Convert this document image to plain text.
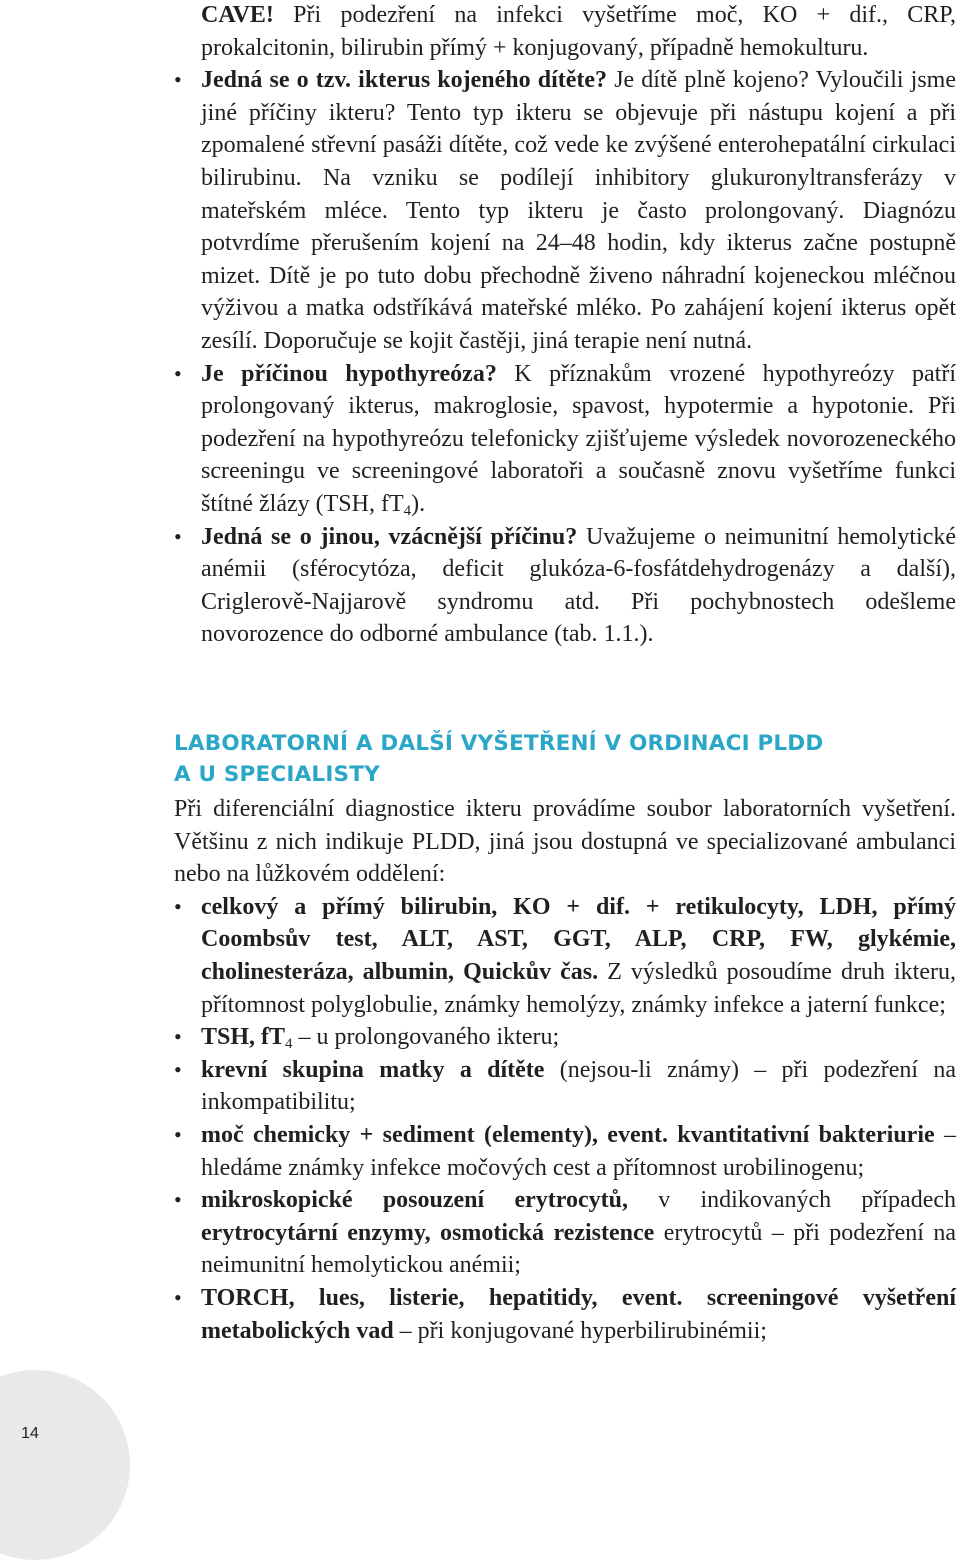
14

CAVE! Při podezření na infekci vyšetříme moč, KO + dif., CRP, prokalcitonin, bilirubin přímý + konjugovaný, případně hemokulturu.

• Jedná se o tzv. ikterus kojeného dítěte? Je dítě plně kojeno? Vyloučili jsme jiné příčiny ikteru? Tento typ ikteru se objevuje při nástupu kojení a při zpomalené střevní pasáži dítěte, což vede ke zvýšené enterohepatální cirkulaci bilirubinu. Na vzniku se podílejí inhibitory glukuronyltransferázy v mateřském mléce. Tento typ ikteru je často prolongovaný. Diagnózu potvrdíme přerušením kojení na 24–48 hodin, kdy ikterus začne postupně mizet. Dítě je po tuto dobu přechodně živeno náhradní kojeneckou mléčnou výživou a matka odstříkává mateřské mléko. Po zahájení kojení ikterus opět zesílí. Doporučuje se kojit častěji, jiná terapie není nutná.

• Je příčinou hypothyreóza? K příznakům vrozené hypothyreózy patří prolongovaný ikterus, makroglosie, spavost, hypotermie a hypotonie. Při podezření na hypothyreózu telefonicky zjišťujeme výsledek novorozeneckého screeningu ve screeningové laboratoři a současně znovu vyšetříme funkci štítné žlázy (TSH, $fT_4$).

• Jedná se o jinou, vzácnější příčinu? Uvažujeme o neimunitní hemolytické anémii (sférocytóza, deficit glukóza-6-fosfátdehydrogenázy a další), Criglerově-Najjarově syndromu atd. Při pochybnostech odešleme novorozence do odborné ambulance (tab. 1.1.).

LABORATORNÍ A DALŠÍ VYŠETŘENÍ V ORDINACI PLDD
A U SPECIALISTY

Při diferenciální diagnostice ikteru provádíme soubor laboratorních vyšetření. Většinu z nich indikuje PLDD, jiná jsou dostupná ve specializované ambulanci nebo na lůžkovém oddělení:

• celkový a přímý bilirubin, KO + dif. + retikulocyty, LDH, přímý Coombsův test, ALT, AST, GGT, ALP, CRP, FW, glykémie, cholinesteráza, albumin, Quickův čas. Z výsledků posoudíme druh ikteru, přítomnost polyglobulie, známky hemolýzy, známky infekce a jaterní funkce;

• TSH, $fT_4$ – u prolongovaného ikteru;

• krevní skupina matky a dítěte (nejsou-li známy) – při podezření na inkompatibilitu;

• moč chemicky + sediment (elementy), event. kvantitativní bakteriurie – hledáme známky infekce močových cest a přítomnost urobilinogenu;

• mikroskopické posouzení erytrocytů, v indikovaných případech erytrocytární enzymy, osmotická rezistence erytrocytů – při podezření na neimunitní hemolytickou anémii;

• TORCH, lues, listerie, hepatitidy, event. screeningové vyšetření metabolických vad – při konjugované hyperbilirubinémii;
